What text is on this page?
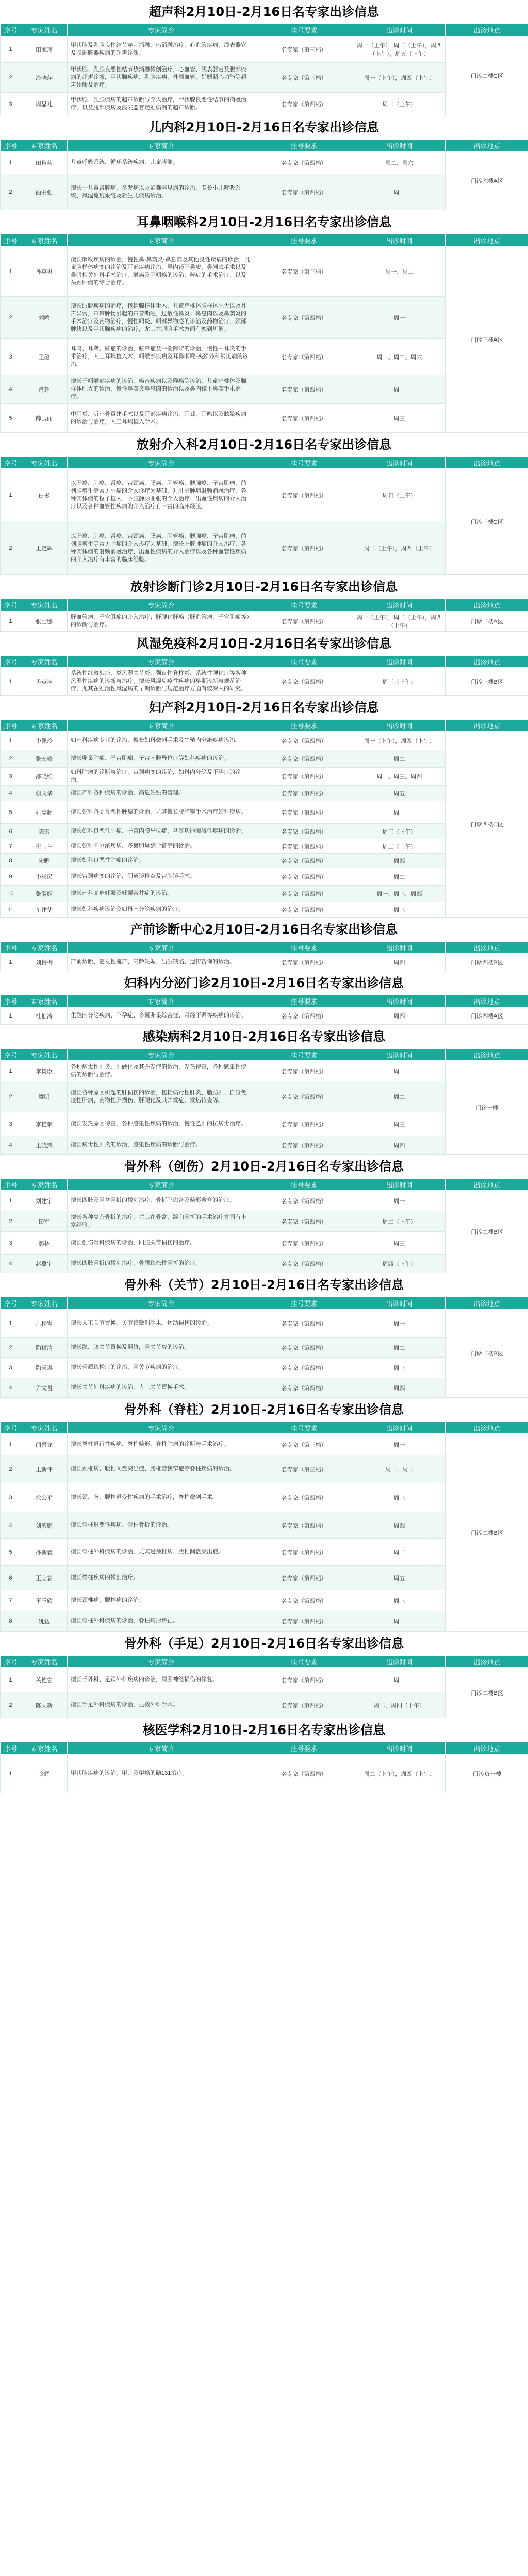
超声科2月10日-2月16日名专家出诊信息
序号	专家姓名	专家简介	挂号要求	出诊时间	出诊地点
1	田家玮	甲状腺及乳腺良性结节穿刺消融、热消融治疗，心血管疾病，浅表器官及腹部脏器疾病的超声诊断。	名专家（第三档）	周一（上午），周二（上午），周四（上午），周五（上午）	门诊二楼C区
2	冷晓萍	甲状腺、乳腺良恶性结节热消融微创治疗，心血管、浅表器官及腹部疾病的超声诊断，甲状腺疾病、乳腺疾病、外周血管、妊娠期心功能等超声诊断及治疗。	名专家（第三档）	周一（上午），周四（上午）	
3	周显礼	甲状腺、乳腺疾病的超声诊断与介入治疗，甲状腺良恶性结节的消融治疗，以及腹部疾病及浅表器官疑难病例的超声诊断。	名专家（第四档）	周二（上午）	
儿内科2月10日-2月16日名专家出诊信息
序号	专家姓名	专家简介	挂号要求	出诊时间	出诊地点
1	田秋菊	儿童呼吸系统、循环系统疾病，儿童哮喘。	名专家（第四档）	周二、周六	门诊六楼A区
2	曲书强	擅长于儿童肾脏病、多发病以及疑难罕见病的诊治，专长小儿呼吸系统、风湿免疫系统及新生儿疾病诊治。	名专家（第四档）	周一	
耳鼻咽喉科2月10日-2月16日名专家出诊信息
序号	专家姓名	专家简介	挂号要求	出诊时间	出诊地点
1	孙英男	擅长咽喉疾病的诊治，慢性鼻-鼻窦炎-鼻息肉及其他良性疾病的诊治，儿童腺样体病变的诊治及耳部疾病诊治，鼻内镜下鼻窦、鼻颅底手术以及鼻眼相关外科手术治疗，喉癌及下咽癌的诊治，鼾症的手术治疗，以及头颈肿瘤的综合治疗。	名专家（第三档）	周一、周二	门诊三楼A区
2	刘鸣	擅长眼睑疾病的治疗，包括腺样体手术，儿童扁桃体腺样体肥大以及耳声异常，声带肿物引起的声音嘶哑，过敏性鼻炎、鼻息肉以及鼻窦炎的手术治疗及药物治疗，慢性咽炎、咽部异物感的诊治及药物治疗，颈部肿块以及甲状腺疾病的治疗，尤其在眼睑手术方面有独到见解。	名专家（第四档）	周一	
3	王龍	耳鸣、耳聋、鼾症的诊治，眩晕症及平衡障碍的诊治，慢性中耳炎的手术治疗，人工耳蜗植入术，咽喉部疾病及耳鼻咽喉-头颈外科常见病的诊治。	名专家（第四档）	周一、周二、周六	
4	肖辉	擅长于咽喉部疾病的诊治，嗓音疾病以及喉癌等诊治，儿童扁桃体及腺样体肥大的诊治，慢性鼻窦炎鼻息肉的诊治以及鼻内镜下鼻窦手术治疗。	名专家（第四档）	周一	
5	薛玉丽	中耳炎、听小骨重建手术以及耳部疾病诊治，耳聋、耳鸣以及眩晕疾病的诊治与治疗，人工耳蜗植入手术。	名专家（第四档）	周三	
放射介入科2月10日-2月16日名专家出诊信息
序号	专家姓名	专家简介	挂号要求	出诊时间	出诊地点
1	白彬	以肝癌、肺癌、肾癌、宫颈癌、肠癌、胆管癌、胰腺癌、子宫肌瘤、前列腺增生等常见肿瘤的介入诊疗为基础，对肝脏肿瘤射频消融治疗、各种实体瘤的粒子植入、下肢静脉曲张的介入治疗、出血性疾病的介入治疗以及各种血管性疾病的介入治疗有丰富的临床经验。	名专家（第四档）	周日（上午）	门诊三楼C区
2	王定辉	以肝癌、肺癌、肾癌、宫颈癌、肠癌、胆管癌、胰腺癌、子宫肌瘤、前列腺增生等常见肿瘤的介入诊疗为基础，擅长肝脏肿瘤的介入治疗、各种实体瘤的射频消融治疗、出血性疾病的介入治疗以及各种血管性疾病的介入治疗有丰富的临床经验。	名专家（第四档）	周二（上午），周四（上午）	
放射诊断门诊2月10日-2月16日名专家出诊信息
序号	专家姓名	专家简介	挂号要求	出诊时间	出诊地点
1	张士娜	肝血管瘤、子宫肌瘤的介入治疗；肝硬化肝癌（肝血管瘤、子宫肌瘤等）的诊断与治疗。	名专家（第四档）	周一（上午），周二（上午），周四（上午）	门诊二楼A区
风湿免疫科2月10日-2月16日名专家出诊信息
序号	专家姓名	专家简介	挂号要求	出诊时间	出诊地点
1	盖英坤	系统性红斑狼疮、类风湿关节炎、强直性脊柱炎、系统性硬化症等各种风湿性疾病的诊断与治疗，擅长风湿免疫性疾病的早期诊断与规范治疗，尤其在难治性风湿病的早期诊断与规范治疗方面有较深入的研究。	名专家（第四档）	周三（上午）	门诊三楼B区
妇产科2月10日-2月16日名专家出诊信息
序号	专家姓名	专家简介	挂号要求	出诊时间	出诊地点
1	李佩玲	妇产科疾病专业的诊治，擅长妇科微创手术及生殖内分泌疾病诊治。	名专家（第四档）	周一（上午），周四（上午）	门诊四楼C区
2	张宏峰	擅长卵巢肿瘤、子宫肌瘤、子宫内膜异位症等妇科疾病的诊治。	名专家（第四档）	周二	
3	邵晓红	妇科肿瘤的诊断与治疗，宫颈病变的诊治，妇科内分泌及不孕症的诊治。	名专家（第四档）	周一、周三、周四	
4	谢文华	擅长产科各种疾病的诊治，高危妊娠的管理。	名专家（第四档）	周五	
5	孔宪超	擅长妇科各类良恶性肿瘤的诊治，尤其擅长腹腔镜手术治疗妇科疾病。	名专家（第四档）	周一	
6	陈雷	擅长妇科良恶性肿瘤、子宫内膜异位症、盆底功能障碍性疾病的诊治。	名专家（第四档）	周三（上午）	
7	崔玉兰	擅长妇科内分泌疾病、多囊卵巢综合征等的诊治。	名专家（第四档）	周二（上午）	
8	宋野	擅长妇科良恶性肿瘤的诊治。	名专家（第四档）	周四	
9	李长民	擅长宫颈病变的诊治，阴道镜检查及宫腔镜手术。	名专家（第四档）	周二	
10	张淑娴	擅长产科高危妊娠及妊娠合并症的诊治。	名专家（第四档）	周一、周三、周四	
11	车建华	擅长妇科疾病诊治及妇科内分泌疾病的治疗。	名专家（第四档）	周三	
产前诊断中心2月10日-2月16日名专家出诊信息
序号	专家姓名	专家简介	挂号要求	出诊时间	出诊地点
1	刘梅梅	产前诊断、复发性流产、高龄妊娠、出生缺陷、遗传咨询的诊治。	名专家（第四档）	周四	门诊四楼B区
妇科内分泌门诊2月10日-2月16日名专家出诊信息
序号	专家姓名	专家简介	挂号要求	出诊时间	出诊地点
1	杜伯涛	生殖内分泌疾病、不孕症、多囊卵巢综合征、月经不调等疾病的诊治。	名专家（第四档）	周四	门诊四楼A区
感染病科2月10日-2月16日名专家出诊信息
序号	专家姓名	专家简介	挂号要求	出诊时间	出诊地点
1	李树臣	各种病毒性肝炎、肝硬化及其并发症的诊治，发热待查，各种感染性疾病的诊断与治疗。	名专家（第四档）	周一	门诊一楼
2	梁明	擅长各种原因引起的肝损伤的诊治，包括病毒性肝炎、脂肪肝、自身免疫性肝病、药物性肝损伤，肝硬化及其并发症，发热待查等。	名专家（第四档）	周二	
3	李艳荣	擅长发热原因待查，各种感染性疾病的诊治，慢性乙肝的抗病毒治疗。	名专家（第四档）	周三	
4	王晓燕	擅长病毒性肝炎的诊治，感染性疾病的诊断与治疗。	名专家（第四档）	周四	
骨外科（创伤）2月10日-2月16日名专家出诊信息
序号	专家姓名	专家简介	挂号要求	出诊时间	出诊地点
1	刘建宇	擅长四肢及骨盆骨折的微创治疗，骨折不愈合及畸形愈合的治疗。	名专家（第四档）	周一	门诊二楼B区
2	田军	擅长各种复杂骨折的治疗，尤其在骨盆、髋臼骨折的手术治疗方面有丰富经验。	名专家（第四档）	周二（上午）	
3	郝林	擅长创伤骨科疾病的诊治，四肢关节损伤的治疗。	名专家（第四档）	周三	
4	赵冀宇	擅长四肢骨折的微创治疗，骨质疏松性骨折的治疗。	名专家（第四档）	周四（上午）	
骨外科（关节）2月10日-2月16日名专家出诊信息
序号	专家姓名	专家简介	挂号要求	出诊时间	出诊地点
1	吕松岑	擅长人工关节置换、关节镜微创手术，运动损伤的诊治。	名专家（第四档）	周一	门诊二楼B区
2	陶树清	擅长髋、膝关节置换及翻修，骨关节炎的诊治。	名专家（第四档）	周二	
3	陶天遵	擅长骨质疏松症的诊治，骨关节疾病的治疗。	名专家（第四档）	周三	
4	尹文哲	擅长关节外科疾病的诊治，人工关节置换手术。	名专家（第四档）	周四	
骨外科（脊柱）2月10日-2月16日名专家出诊信息
序号	专家姓名	专家简介	挂号要求	出诊时间	出诊地点
1	闫景龙	擅长脊柱退行性疾病、脊柱畸形、脊柱肿瘤的诊断与手术治疗。	名专家（第三档）	周一	门诊二楼B区
2	王新伟	擅长颈椎病、腰椎间盘突出症、腰椎管狭窄症等脊柱疾病的诊治。	名专家（第三档）	周一、周二	
3	徐公平	擅长颈、胸、腰椎退变性疾病的手术治疗，脊柱微创手术。	名专家（第四档）	周三	
4	刘滨鹏	擅长脊柱退变性疾病、脊柱骨折的诊治。	名专家（第四档）	周四	
5	孙新毅	擅长脊柱外科疾病的诊治，尤其是颈椎病、腰椎间盘突出症。	名专家（第四档）	周二	
6	王立春	擅长脊柱疾病的微创治疗。	名专家（第四档）	周五	
7	王玉欣	擅长颈椎病、腰椎病的诊治。	名专家（第四档）	周三	
8	姚猛	擅长脊柱外科疾病的诊治，脊柱畸形矫正。	名专家（第四档）	周一	
骨外科（手足）2月10日-2月16日名专家出诊信息
序号	专家姓名	专家简介	挂号要求	出诊时间	出诊地点
1	关德宏	擅长手外科、足踝外科疾病的诊治，周围神经损伤的修复。	名专家（第四档）	周一	门诊二楼B区
2	陈天新	擅长手足外科疾病的诊治，显微外科手术。	名专家（第四档）	周二，周四（下午）	
核医学科2月10日-2月16日名专家出诊信息
序号	专家姓名	专家简介	挂号要求	出诊时间	出诊地点
1	金辉	甲状腺疾病的诊治，甲亢及甲癌的碘131治疗。	名专家（第四档）	周二（上午），周四（上午）	门诊负一楼
